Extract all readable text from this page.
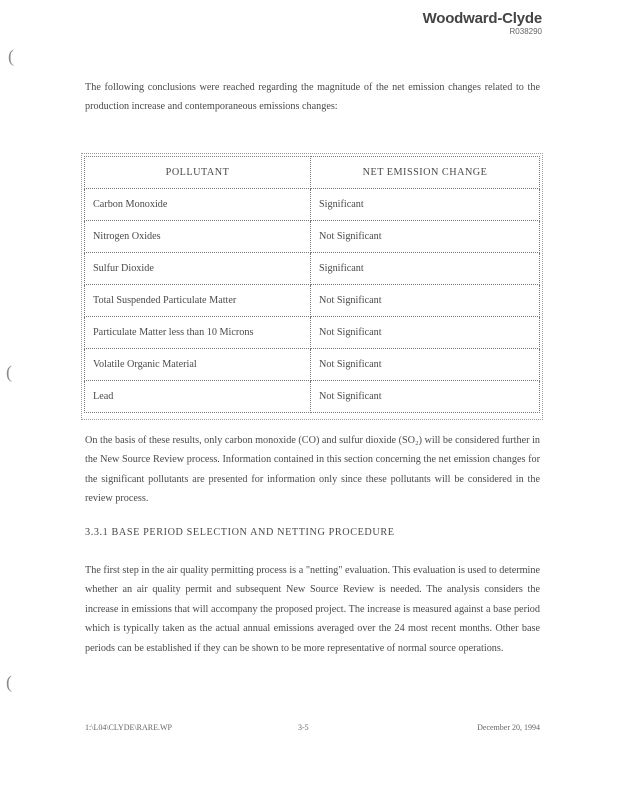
Woodward-Clyde
R038290
(
(
(
The following conclusions were reached regarding the magnitude of the net emission changes related to the production increase and contemporaneous emissions changes:
POLLUTANT	NET EMISSION CHANGE
Carbon Monoxide	Significant
Nitrogen Oxides	Not Significant
Sulfur Dioxide	Significant
Total Suspended Particulate Matter	Not Significant
Particulate Matter less than 10 Microns	Not Significant
Volatile Organic Material	Not Significant
Lead	Not Significant
On the basis of these results, only carbon monoxide (CO) and sulfur dioxide (SO₂) will be considered further in the New Source Review process. Information contained in this section concerning the net emission changes for the significant pollutants are presented for information only since these pollutants will be considered in the review process.
3.3.1 BASE PERIOD SELECTION AND NETTING PROCEDURE
The first step in the air quality permitting process is a "netting" evaluation. This evaluation is used to determine whether an air quality permit and subsequent New Source Review is needed. The analysis considers the increase in emissions that will accompany the proposed project. The increase is measured against a base period which is typically taken as the actual annual emissions averaged over the 24 most recent months. Other base periods can be established if they can be shown to be more representative of normal source operations.
1:\L04\CLYDE\RARE.WP	3-5	December 20, 1994
